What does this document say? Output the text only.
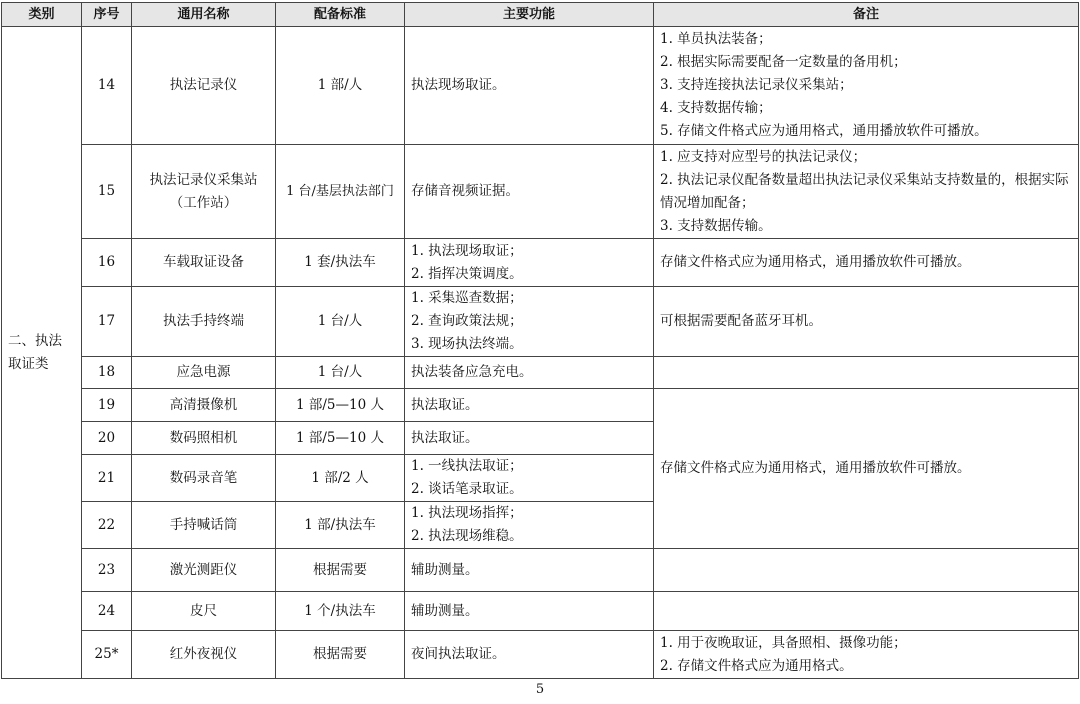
类别	序号	通用名称	配备标准	主要功能	备注

二、执法取证类	14	执法记录仪	1 部/人	执法现场取证。	1. 单员执法装备；
2. 根据实际需要配备一定数量的备用机；
3. 支持连接执法记录仪采集站；
4. 支持数据传输；
5. 存储文件格式应为通用格式，通用播放软件可播放。

	15	执法记录仪采集站
（工作站）	1 台/基层执法部门	存储音视频证据。	1. 应支持对应型号的执法记录仪；
2. 执法记录仪配备数量超出执法记录仪采集站支持数量的，根据实际情况增加配备；
3. 支持数据传输。

	16	车载取证设备	1 套/执法车	1. 执法现场取证；
2. 指挥决策调度。	存储文件格式应为通用格式，通用播放软件可播放。
	17	执法手持终端	1 台/人	1. 采集巡查数据；
2. 查询政策法规；
3. 现场执法终端。	可根据需要配备蓝牙耳机。
	18	应急电源	1 台/人	执法装备应急充电。	
	19	高清摄像机	1 部/5—10 人	执法取证。	存储文件格式应为通用格式，通用播放软件可播放。
	20	数码照相机	1 部/5—10 人	执法取证。	
	21	数码录音笔	1 部/2 人	1. 一线执法取证；
2. 谈话笔录取证。	

	22	手持喊话筒	1 部/执法车	1. 执法现场指挥；
2. 执法现场维稳。	

	23	激光测距仪	根据需要	辅助测量。	
	24	皮尺	1 个/执法车	辅助测量。	
	25*	红外夜视仪	根据需要	夜间执法取证。	1. 用于夜晚取证，具备照相、摄像功能；
2. 存储文件格式应为通用格式。
5
